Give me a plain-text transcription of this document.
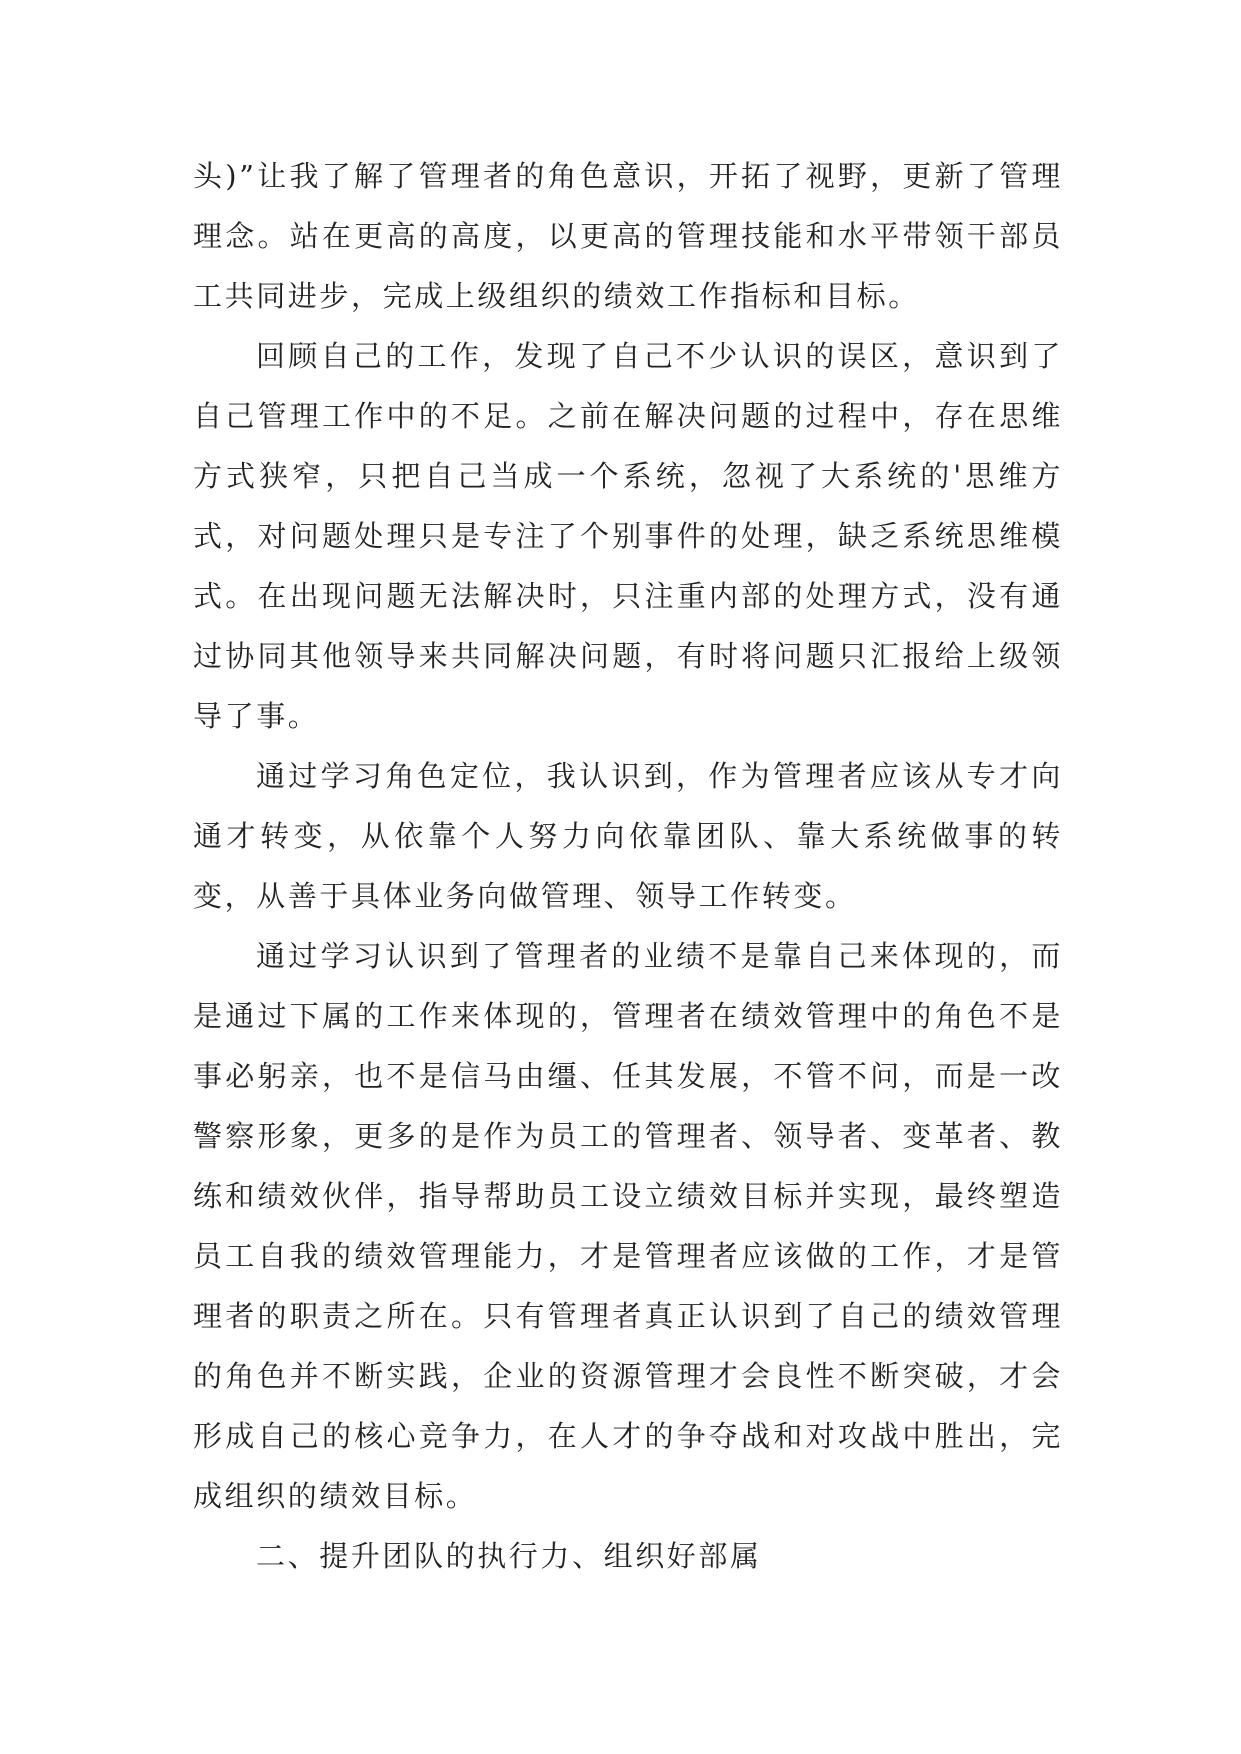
头)”让我了解了管理者的角色意识，开拓了视野，更新了管理理念。站在更高的高度，以更高的管理技能和水平带领干部员工共同进步，完成上级组织的绩效工作指标和目标。

回顾自己的工作，发现了自己不少认识的误区，意识到了自己管理工作中的不足。之前在解决问题的过程中，存在思维方式狭窄，只把自己当成一个系统，忽视了大系统的'思维方式，对问题处理只是专注了个别事件的处理，缺乏系统思维模式。在出现问题无法解决时，只注重内部的处理方式，没有通过协同其他领导来共同解决问题，有时将问题只汇报给上级领导了事。

通过学习角色定位，我认识到，作为管理者应该从专才向通才转变，从依靠个人努力向依靠团队、靠大系统做事的转变，从善于具体业务向做管理、领导工作转变。

通过学习认识到了管理者的业绩不是靠自己来体现的，而是通过下属的工作来体现的，管理者在绩效管理中的角色不是事必躬亲，也不是信马由缰、任其发展，不管不问，而是一改警察形象，更多的是作为员工的管理者、领导者、变革者、教练和绩效伙伴，指导帮助员工设立绩效目标并实现，最终塑造员工自我的绩效管理能力，才是管理者应该做的工作，才是管理者的职责之所在。只有管理者真正认识到了自己的绩效管理的角色并不断实践，企业的资源管理才会良性不断突破，才会形成自己的核心竞争力，在人才的争夺战和对攻战中胜出，完成组织的绩效目标。

二、提升团队的执行力、组织好部属
